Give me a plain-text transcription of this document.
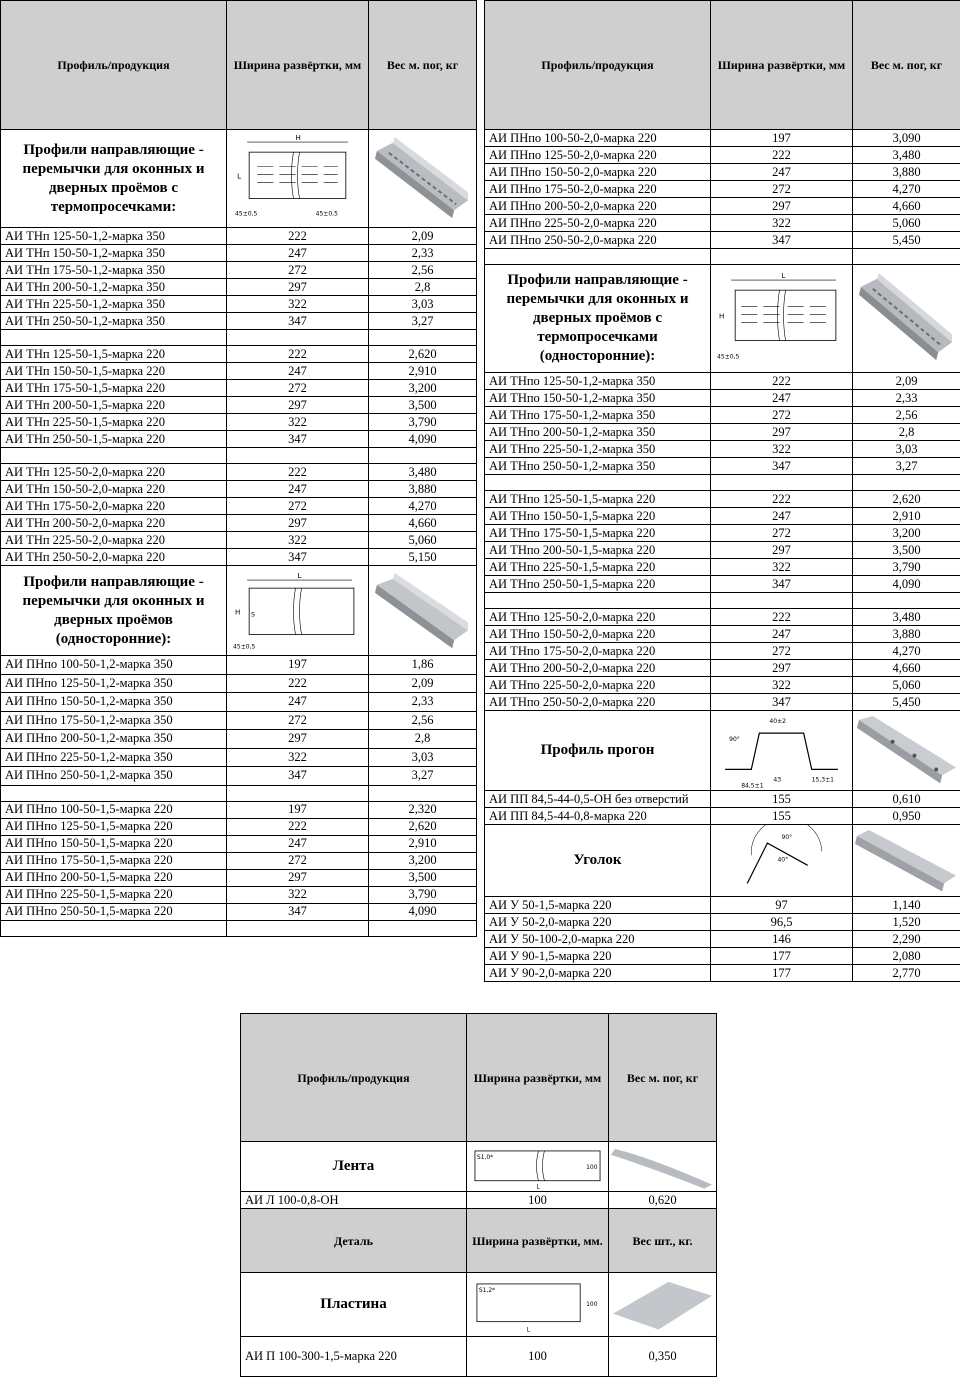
Профиль/продукция	Ширина развёртки, мм	Вес м. пог, кг
Профили направляющие - перемычки для оконных и дверных проёмов с термопросечками:	H
L
45±0,5 45±0,5

АИ ТНп 125-50-1,2-марка 350	222	2,09
АИ ТНп 150-50-1,2-марка 350	247	2,33
АИ ТНп 175-50-1,2-марка 350	272	2,56
АИ ТНп 200-50-1,2-марка 350	297	2,8
АИ ТНп 225-50-1,2-марка 350	322	3,03
АИ ТНп 250-50-1,2-марка 350	347	3,27

АИ ТНп 125-50-1,5-марка 220	222	2,620
АИ ТНп 150-50-1,5-марка 220	247	2,910
АИ ТНп 175-50-1,5-марка 220	272	3,200
АИ ТНп 200-50-1,5-марка 220	297	3,500
АИ ТНп 225-50-1,5-марка 220	322	3,790
АИ ТНп 250-50-1,5-марка 220	347	4,090

АИ ТНп 125-50-2,0-марка 220	222	3,480
АИ ТНп 150-50-2,0-марка 220	247	3,880
АИ ТНп 175-50-2,0-марка 220	272	4,270
АИ ТНп 200-50-2,0-марка 220	297	4,660
АИ ТНп 225-50-2,0-марка 220	322	5,060
АИ ТНп 250-50-2,0-марка 220	347	5,150
Профили направляющие - перемычки для оконных и дверных проёмов (односторонние):	L
H S
45±0,5

АИ ПНпо 100-50-1,2-марка 350	197	1,86
АИ ПНпо 125-50-1,2-марка 350	222	2,09
АИ ПНпо 150-50-1,2-марка 350	247	2,33
АИ ПНпо 175-50-1,2-марка 350	272	2,56
АИ ПНпо 200-50-1,2-марка 350	297	2,8
АИ ПНпо 225-50-1,2-марка 350	322	3,03
АИ ПНпо 250-50-1,2-марка 350	347	3,27

АИ ПНпо 100-50-1,5-марка 220	197	2,320
АИ ПНпо 125-50-1,5-марка 220	222	2,620
АИ ПНпо 150-50-1,5-марка 220	247	2,910
АИ ПНпо 175-50-1,5-марка 220	272	3,200
АИ ПНпо 200-50-1,5-марка 220	297	3,500
АИ ПНпо 225-50-1,5-марка 220	322	3,790
АИ ПНпо 250-50-1,5-марка 220	347	4,090

Профиль/продукция	Ширина развёртки, мм	Вес м. пог, кг
АИ ПНпо 100-50-2,0-марка 220	197	3,090
АИ ПНпо 125-50-2,0-марка 220	222	3,480
АИ ПНпо 150-50-2,0-марка 220	247	3,880
АИ ПНпо 175-50-2,0-марка 220	272	4,270
АИ ПНпо 200-50-2,0-марка 220	297	4,660
АИ ПНпо 225-50-2,0-марка 220	322	5,060
АИ ПНпо 250-50-2,0-марка 220	347	5,450

Профили направляющие - перемычки для оконных и дверных проёмов с термопросечками (односторонние):	L
H
45±0,5

АИ ТНпо 125-50-1,2-марка 350	222	2,09
АИ ТНпо 150-50-1,2-марка 350	247	2,33
АИ ТНпо 175-50-1,2-марка 350	272	2,56
АИ ТНпо 200-50-1,2-марка 350	297	2,8
АИ ТНпо 225-50-1,2-марка 350	322	3,03
АИ ТНпо 250-50-1,2-марка 350	347	3,27

АИ ТНпо 125-50-1,5-марка 220	222	2,620
АИ ТНпо 150-50-1,5-марка 220	247	2,910
АИ ТНпо 175-50-1,5-марка 220	272	3,200
АИ ТНпо 200-50-1,5-марка 220	297	3,500
АИ ТНпо 225-50-1,5-марка 220	322	3,790
АИ ТНпо 250-50-1,5-марка 220	347	4,090

АИ ТНпо 125-50-2,0-марка 220	222	3,480
АИ ТНпо 150-50-2,0-марка 220	247	3,880
АИ ТНпо 175-50-2,0-марка 220	272	4,270
АИ ТНпо 200-50-2,0-марка 220	297	4,660
АИ ТНпо 225-50-2,0-марка 220	322	5,060
АИ ТНпо 250-50-2,0-марка 220	347	5,450
Профиль прогон	40±2
90°
43
84,5±1
15,3±1

АИ ПП 84,5-44-0,5-ОН без отверстий	155	0,610
АИ ПП 84,5-44-0,8-марка 220	155	0,950
Уголок	90°
40°

АИ У 50-1,5-марка 220	97	1,140
АИ У 50-2,0-марка 220	96,5	1,520
АИ У 50-100-2,0-марка 220	146	2,290
АИ У 90-1,5-марка 220	177	2,080
АИ У 90-2,0-марка 220	177	2,770
Профиль/продукция	Ширина развёртки, мм	Вес м. пог, кг
Лента	S1,0*
100
L

АИ Л 100-0,8-ОН	100	0,620
Деталь	Ширина развёртки, мм.	Вес шт., кг.
Пластина	S1,2*
100
L

АИ П 100-300-1,5-марка 220	100	0,350
